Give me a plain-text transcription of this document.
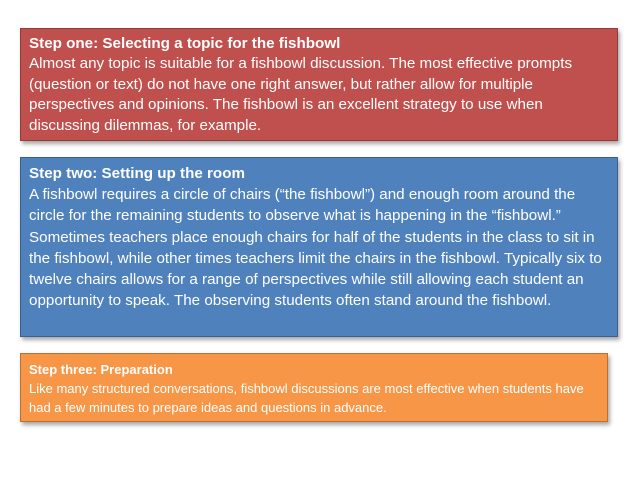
Step one: Selecting a topic for the fishbowl
Almost any topic is suitable for a fishbowl discussion. The most effective prompts (question or text) do not have one right answer, but rather allow for multiple perspectives and opinions. The fishbowl is an excellent strategy to use when discussing dilemmas, for example.
Step two: Setting up the room
A fishbowl requires a circle of chairs (“the fishbowl”) and enough room around the circle for the remaining students to observe what is happening in the “fishbowl.” Sometimes teachers place enough chairs for half of the students in the class to sit in the fishbowl, while other times teachers limit the chairs in the fishbowl. Typically six to twelve chairs allows for a range of perspectives while still allowing each student an opportunity to speak. The observing students often stand around the fishbowl.
Step three: Preparation
Like many structured conversations, fishbowl discussions are most effective when students have had a few minutes to prepare ideas and questions in advance.
